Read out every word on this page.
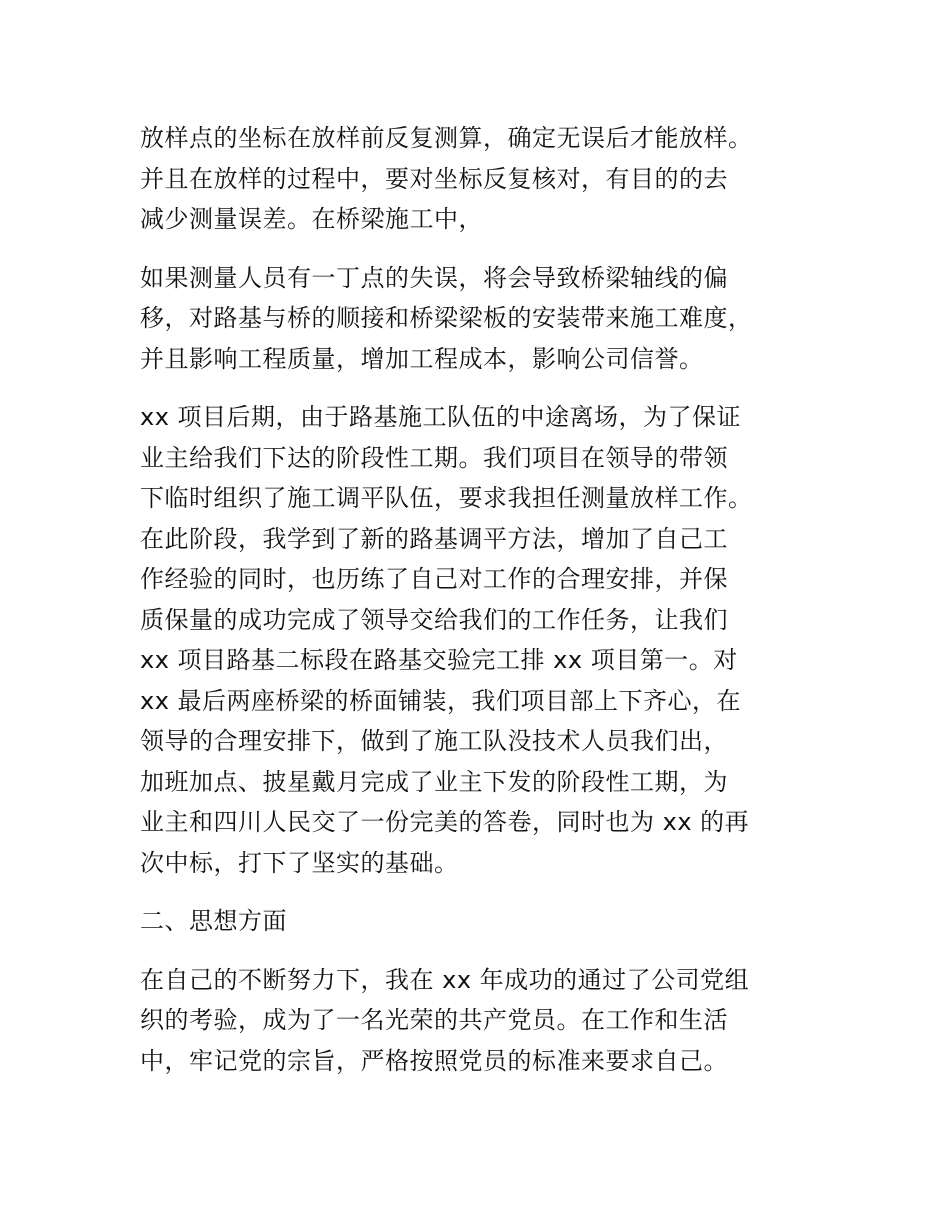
放样点的坐标在放样前反复测算，确定无误后才能放样。
并且在放样的过程中，要对坐标反复核对，有目的的去
减少测量误差。在桥梁施工中，
如果测量人员有一丁点的失误，将会导致桥梁轴线的偏
移，对路基与桥的顺接和桥梁梁板的安装带来施工难度，
并且影响工程质量，增加工程成本，影响公司信誉。
xx 项目后期，由于路基施工队伍的中途离场，为了保证
业主给我们下达的阶段性工期。我们项目在领导的带领
下临时组织了施工调平队伍，要求我担任测量放样工作。
在此阶段，我学到了新的路基调平方法，增加了自己工
作经验的同时，也历练了自己对工作的合理安排，并保
质保量的成功完成了领导交给我们的工作任务，让我们
xx 项目路基二标段在路基交验完工排 xx 项目第一。对
xx 最后两座桥梁的桥面铺装，我们项目部上下齐心，在
领导的合理安排下，做到了施工队没技术人员我们出，
加班加点、披星戴月完成了业主下发的阶段性工期，为
业主和四川人民交了一份完美的答卷，同时也为 xx 的再
次中标，打下了坚实的基础。
二、思想方面
在自己的不断努力下，我在 xx 年成功的通过了公司党组
织的考验，成为了一名光荣的共产党员。在工作和生活
中，牢记党的宗旨，严格按照党员的标准来要求自己。
